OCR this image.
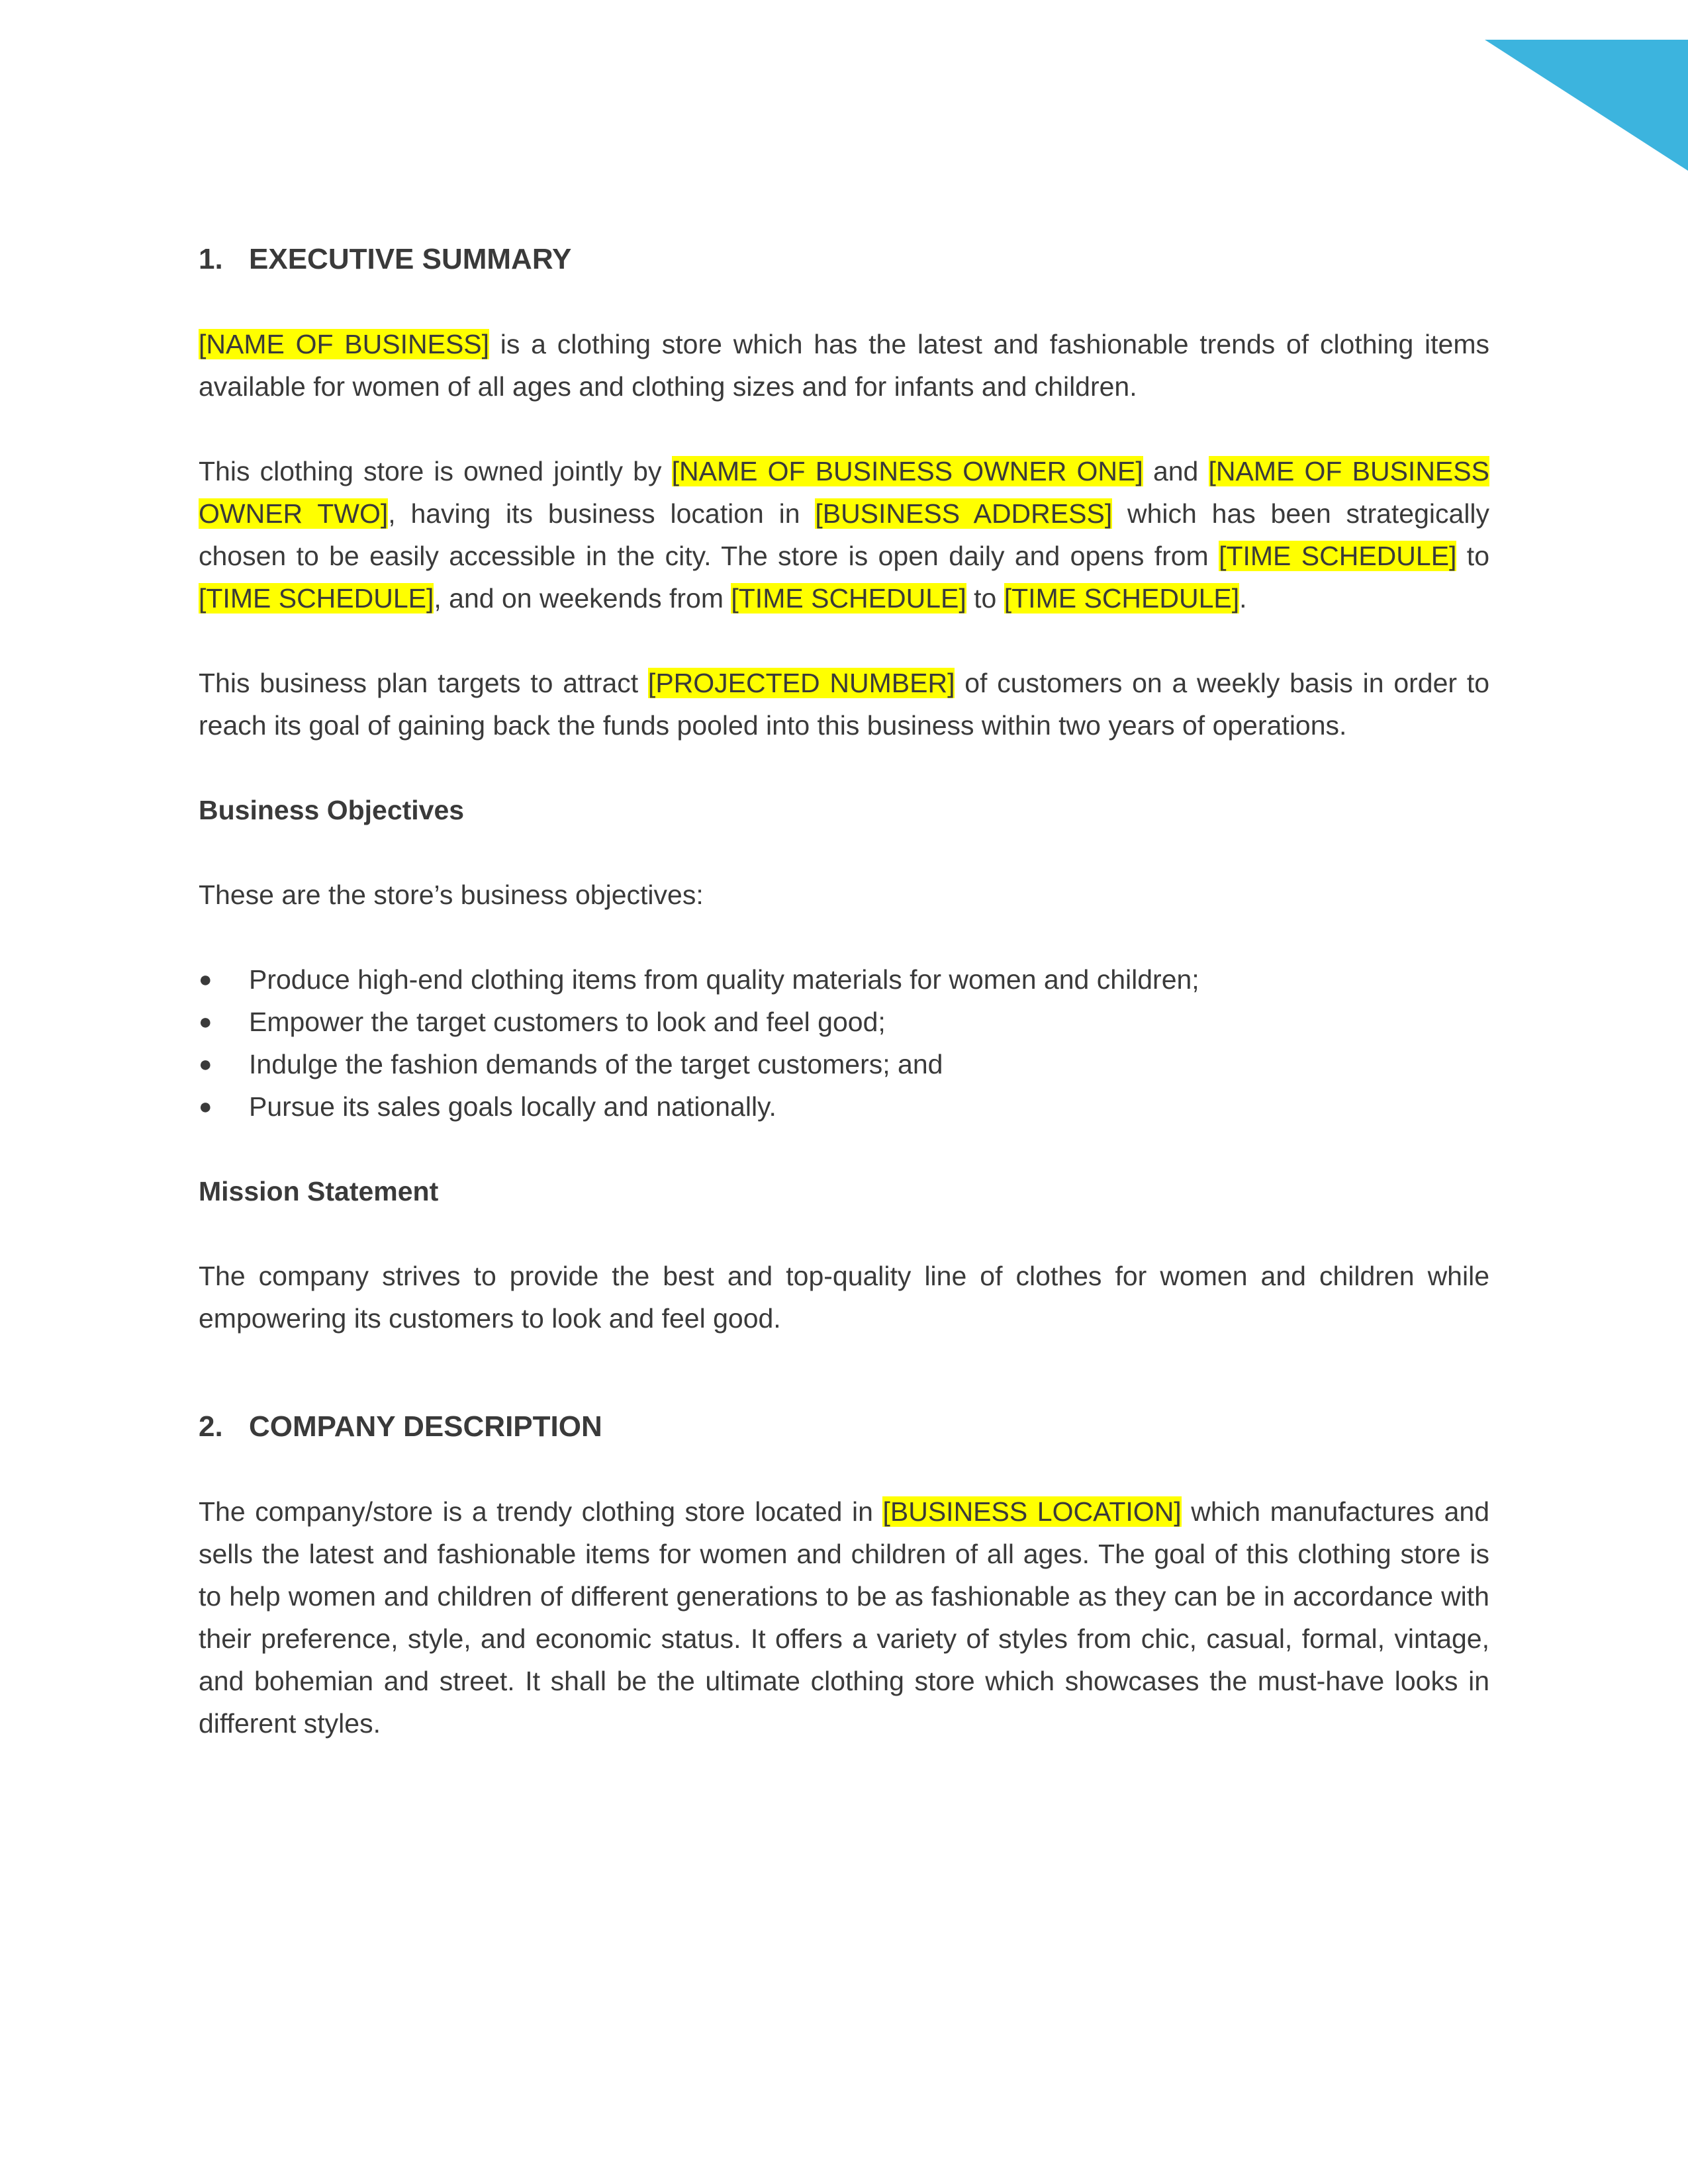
1. EXECUTIVE SUMMARY

[NAME OF BUSINESS] is a clothing store which has the latest and fashionable trends of clothing items available for women of all ages and clothing sizes and for infants and children.

This clothing store is owned jointly by [NAME OF BUSINESS OWNER ONE] and [NAME OF BUSINESS OWNER TWO], having its business location in [BUSINESS ADDRESS] which has been strategically chosen to be easily accessible in the city. The store is open daily and opens from [TIME SCHEDULE] to [TIME SCHEDULE], and on weekends from [TIME SCHEDULE] to [TIME SCHEDULE].

This business plan targets to attract [PROJECTED NUMBER] of customers on a weekly basis in order to reach its goal of gaining back the funds pooled into this business within two years of operations.

Business Objectives

These are the store’s business objectives:

●	Produce high-end clothing items from quality materials for women and children;
●	Empower the target customers to look and feel good;
●	Indulge the fashion demands of the target customers; and
●	Pursue its sales goals locally and nationally.
Mission Statement

The company strives to provide the best and top-quality line of clothes for women and children while empowering its customers to look and feel good.

2. COMPANY DESCRIPTION

The company/store is a trendy clothing store located in [BUSINESS LOCATION] which manufactures and sells the latest and fashionable items for women and children of all ages. The goal of this clothing store is to help women and children of different generations to be as fashionable as they can be in accordance with their preference, style, and economic status. It offers a variety of styles from chic, casual, formal, vintage, and bohemian and street. It shall be the ultimate clothing store which showcases the must-have looks in different styles.
